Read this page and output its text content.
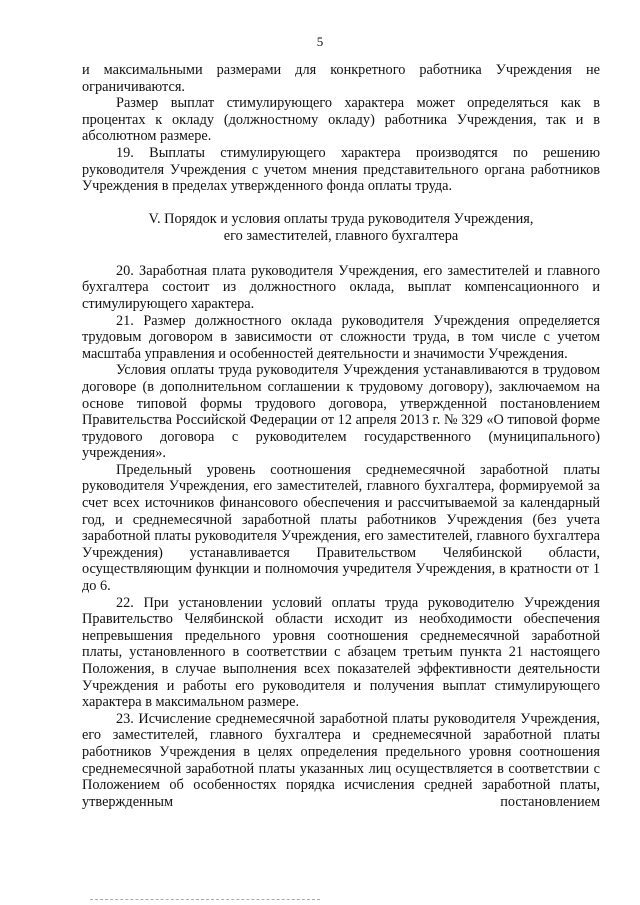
5

и максимальными размерами для конкретного работника Учреждения не ограничиваются.

Размер выплат стимулирующего характера может определяться как в процентах к окладу (должностному окладу) работника Учреждения, так и в абсолютном размере.

19. Выплаты стимулирующего характера производятся по решению руководителя Учреждения с учетом мнения представительного органа работников Учреждения в пределах утвержденного фонда оплаты труда.

V. Порядок и условия оплаты труда руководителя Учреждения,
его заместителей, главного бухгалтера

20. Заработная плата руководителя Учреждения, его заместителей и главного бухгалтера состоит из должностного оклада, выплат компенсационного и стимулирующего характера.

21. Размер должностного оклада руководителя Учреждения определяется трудовым договором в зависимости от сложности труда, в том числе с учетом масштаба управления и особенностей деятельности и значимости Учреждения.

Условия оплаты труда руководителя Учреждения устанавливаются в трудовом договоре (в дополнительном соглашении к трудовому договору), заключаемом на основе типовой формы трудового договора, утвержденной постановлением Правительства Российской Федерации от 12 апреля 2013 г. № 329 «О типовой форме трудового договора с руководителем государственного (муниципального) учреждения».

Предельный уровень соотношения среднемесячной заработной платы руководителя Учреждения, его заместителей, главного бухгалтера, формируемой за счет всех источников финансового обеспечения и рассчитываемой за календарный год, и среднемесячной заработной платы работников Учреждения (без учета заработной платы руководителя Учреждения, его заместителей, главного бухгалтера Учреждения) устанавливается Правительством Челябинской области, осуществляющим функции и полномочия учредителя Учреждения, в кратности от 1 до 6.

22. При установлении условий оплаты труда руководителю Учреждения Правительство Челябинской области исходит из необходимости обеспечения непревышения предельного уровня соотношения среднемесячной заработной платы, установленного в соответствии с абзацем третьим пункта 21 настоящего Положения, в случае выполнения всех показателей эффективности деятельности Учреждения и работы его руководителя и получения выплат стимулирующего характера в максимальном размере.

23. Исчисление среднемесячной заработной платы руководителя Учреждения, его заместителей, главного бухгалтера и среднемесячной заработной платы работников Учреждения в целях определения предельного уровня соотношения среднемесячной заработной платы указанных лиц осуществляется в соответствии с Положением об особенностях порядка исчисления средней заработной платы, утвержденным постановлением
